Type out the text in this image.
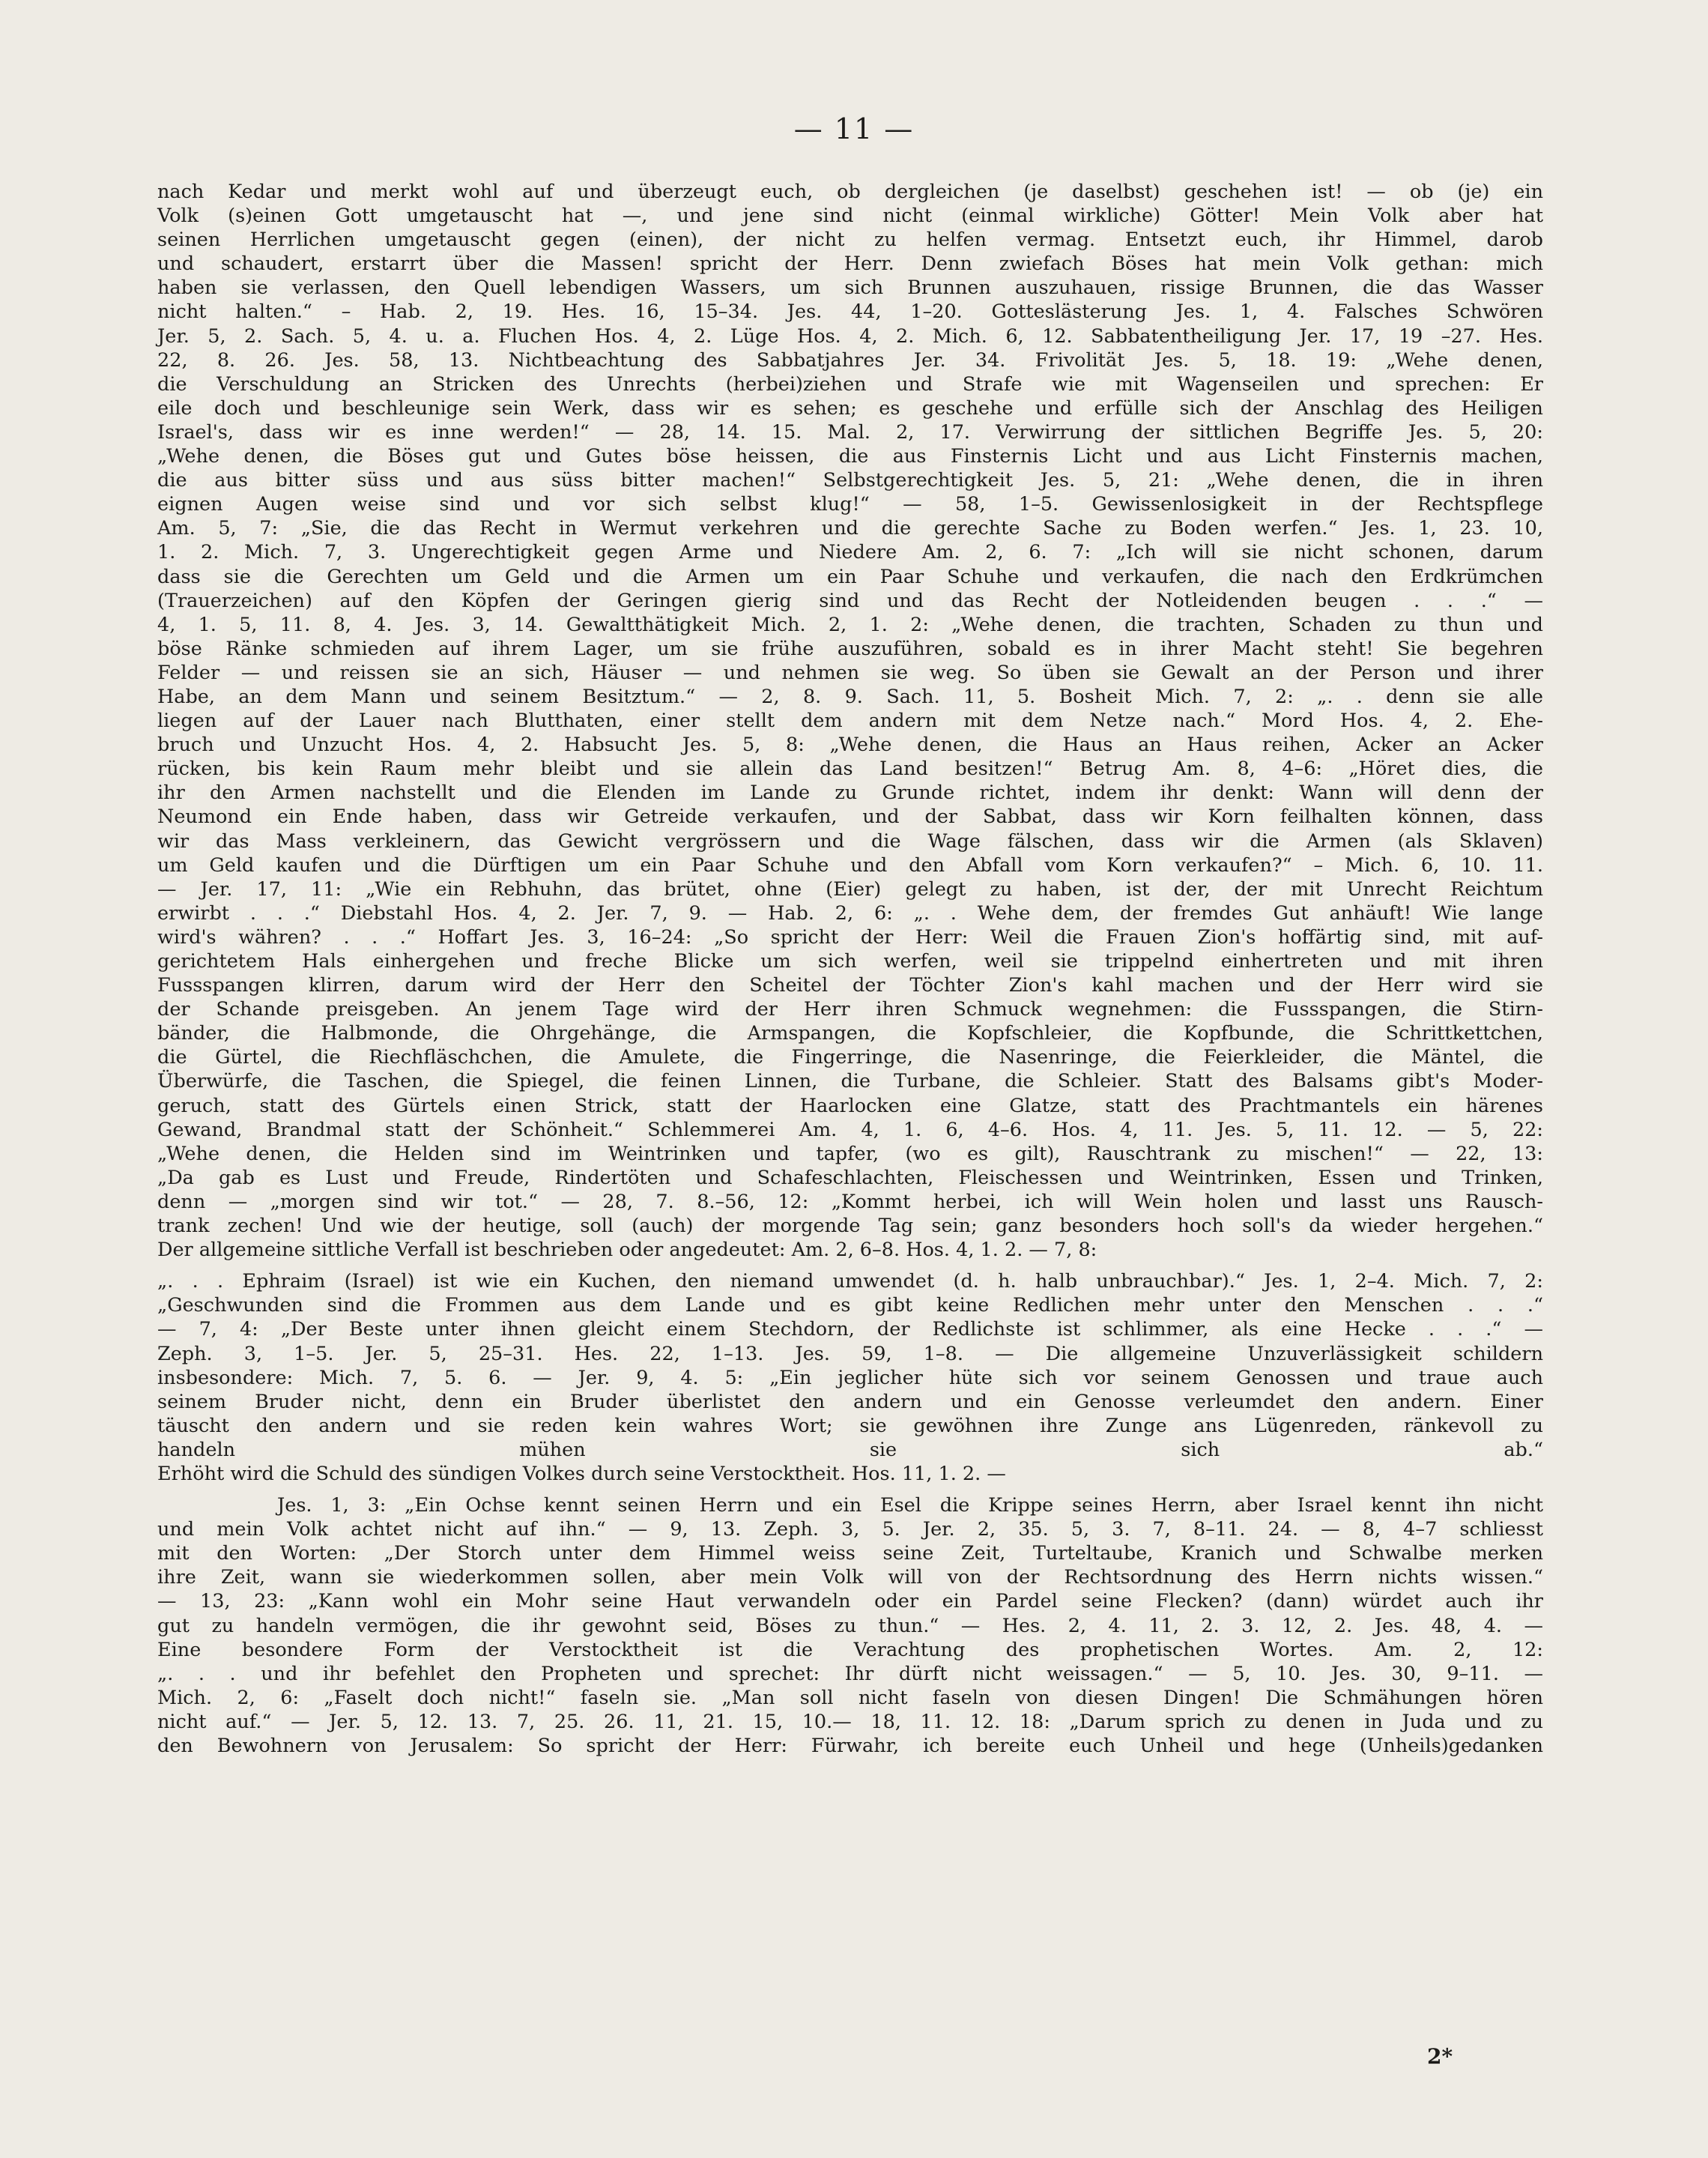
— 11 —
nach Kedar und merkt wohl auf und überzeugt euch, ob dergleichen (je daselbst) geschehen ist! — ob (je) ein
Volk (s)einen Gott umgetauscht hat —, und jene sind nicht (einmal wirkliche) Götter! Mein Volk aber hat
seinen Herrlichen umgetauscht gegen (einen), der nicht zu helfen vermag. Entsetzt euch, ihr Himmel, darob
und schaudert, erstarrt über die Massen! spricht der Herr. Denn zwiefach Böses hat mein Volk gethan: mich
haben sie verlassen, den Quell lebendigen Wassers, um sich Brunnen auszuhauen, rissige Brunnen, die das Wasser
nicht halten.“ – Hab. 2, 19. Hes. 16, 15–34. Jes. 44, 1–20. Gotteslästerung Jes. 1, 4. Falsches Schwören
Jer. 5, 2. Sach. 5, 4. u. a. Fluchen Hos. 4, 2. Lüge Hos. 4, 2. Mich. 6, 12. Sabbatentheiligung Jer. 17, 19 –27. Hes.
22, 8. 26. Jes. 58, 13. Nichtbeachtung des Sabbatjahres Jer. 34. Frivolität Jes. 5, 18. 19: „Wehe denen,
die Verschuldung an Stricken des Unrechts (herbei)ziehen und Strafe wie mit Wagenseilen und sprechen: Er
eile doch und beschleunige sein Werk, dass wir es sehen; es geschehe und erfülle sich der Anschlag des Heiligen
Israel's, dass wir es inne werden!“ — 28, 14. 15. Mal. 2, 17. Verwirrung der sittlichen Begriffe Jes. 5, 20:
„Wehe denen, die Böses gut und Gutes böse heissen, die aus Finsternis Licht und aus Licht Finsternis machen,
die aus bitter süss und aus süss bitter machen!“ Selbstgerechtigkeit Jes. 5, 21: „Wehe denen, die in ihren
eignen Augen weise sind und vor sich selbst klug!“ — 58, 1–5. Gewissenlosigkeit in der Rechtspflege
Am. 5, 7: „Sie, die das Recht in Wermut verkehren und die gerechte Sache zu Boden werfen.“ Jes. 1, 23. 10,
1. 2. Mich. 7, 3. Ungerechtigkeit gegen Arme und Niedere Am. 2, 6. 7: „Ich will sie nicht schonen, darum
dass sie die Gerechten um Geld und die Armen um ein Paar Schuhe und verkaufen, die nach den Erdkrümchen
(Trauerzeichen) auf den Köpfen der Geringen gierig sind und das Recht der Notleidenden beugen . . .“ —
4, 1. 5, 11. 8, 4. Jes. 3, 14. Gewaltthätigkeit Mich. 2, 1. 2: „Wehe denen, die trachten, Schaden zu thun und
böse Ränke schmieden auf ihrem Lager, um sie frühe auszuführen, sobald es in ihrer Macht steht! Sie begehren
Felder — und reissen sie an sich, Häuser — und nehmen sie weg. So üben sie Gewalt an der Person und ihrer
Habe, an dem Mann und seinem Besitztum.“ — 2, 8. 9. Sach. 11, 5. Bosheit Mich. 7, 2: „. . denn sie alle
liegen auf der Lauer nach Blutthaten, einer stellt dem andern mit dem Netze nach.“ Mord Hos. 4, 2. Ehe-
bruch und Unzucht Hos. 4, 2. Habsucht Jes. 5, 8: „Wehe denen, die Haus an Haus reihen, Acker an Acker
rücken, bis kein Raum mehr bleibt und sie allein das Land besitzen!“ Betrug Am. 8, 4–6: „Höret dies, die
ihr den Armen nachstellt und die Elenden im Lande zu Grunde richtet, indem ihr denkt: Wann will denn der
Neumond ein Ende haben, dass wir Getreide verkaufen, und der Sabbat, dass wir Korn feilhalten können, dass
wir das Mass verkleinern, das Gewicht vergrössern und die Wage fälschen, dass wir die Armen (als Sklaven)
um Geld kaufen und die Dürftigen um ein Paar Schuhe und den Abfall vom Korn verkaufen?“ – Mich. 6, 10. 11.
— Jer. 17, 11: „Wie ein Rebhuhn, das brütet, ohne (Eier) gelegt zu haben, ist der, der mit Unrecht Reichtum
erwirbt . . .“ Diebstahl Hos. 4, 2. Jer. 7, 9. — Hab. 2, 6: „. . Wehe dem, der fremdes Gut anhäuft! Wie lange
wird's währen? . . .“ Hoffart Jes. 3, 16–24: „So spricht der Herr: Weil die Frauen Zion's hoffärtig sind, mit auf-
gerichtetem Hals einhergehen und freche Blicke um sich werfen, weil sie trippelnd einhertreten und mit ihren
Fussspangen klirren, darum wird der Herr den Scheitel der Töchter Zion's kahl machen und der Herr wird sie
der Schande preisgeben. An jenem Tage wird der Herr ihren Schmuck wegnehmen: die Fussspangen, die Stirn-
bänder, die Halbmonde, die Ohrgehänge, die Armspangen, die Kopfschleier, die Kopfbunde, die Schrittkettchen,
die Gürtel, die Riechfläschchen, die Amulete, die Fingerringe, die Nasenringe, die Feierkleider, die Mäntel, die
Überwürfe, die Taschen, die Spiegel, die feinen Linnen, die Turbane, die Schleier. Statt des Balsams gibt's Moder-
geruch, statt des Gürtels einen Strick, statt der Haarlocken eine Glatze, statt des Prachtmantels ein härenes
Gewand, Brandmal statt der Schönheit.“ Schlemmerei Am. 4, 1. 6, 4–6. Hos. 4, 11. Jes. 5, 11. 12. — 5, 22:
„Wehe denen, die Helden sind im Weintrinken und tapfer, (wo es gilt), Rauschtrank zu mischen!“ — 22, 13:
„Da gab es Lust und Freude, Rindertöten und Schafeschlachten, Fleischessen und Weintrinken, Essen und Trinken,
denn — „morgen sind wir tot.“ — 28, 7. 8.–56, 12: „Kommt herbei, ich will Wein holen und lasst uns Rausch-
trank zechen! Und wie der heutige, soll (auch) der morgende Tag sein; ganz besonders hoch soll's da wieder hergehen.“
Der allgemeine sittliche Verfall ist beschrieben oder angedeutet: Am. 2, 6–8. Hos. 4, 1. 2. — 7, 8:
„. . . Ephraim (Israel) ist wie ein Kuchen, den niemand umwendet (d. h. halb unbrauchbar).“ Jes. 1, 2–4. Mich. 7, 2:
„Geschwunden sind die Frommen aus dem Lande und es gibt keine Redlichen mehr unter den Menschen . . .“
— 7, 4: „Der Beste unter ihnen gleicht einem Stechdorn, der Redlichste ist schlimmer, als eine Hecke . . .“ —
Zeph. 3, 1–5. Jer. 5, 25–31. Hes. 22, 1–13. Jes. 59, 1–8. — Die allgemeine Unzuverlässigkeit schildern
insbesondere: Mich. 7, 5. 6. — Jer. 9, 4. 5: „Ein jeglicher hüte sich vor seinem Genossen und traue auch
seinem Bruder nicht, denn ein Bruder überlistet den andern und ein Genosse verleumdet den andern. Einer
täuscht den andern und sie reden kein wahres Wort; sie gewöhnen ihre Zunge ans Lügenreden, ränkevoll zu
handeln mühen sie sich ab.“
Erhöht wird die Schuld des sündigen Volkes durch seine Verstocktheit. Hos. 11, 1. 2. —
Jes. 1, 3: „Ein Ochse kennt seinen Herrn und ein Esel die Krippe seines Herrn, aber Israel kennt ihn nicht
und mein Volk achtet nicht auf ihn.“ — 9, 13. Zeph. 3, 5. Jer. 2, 35. 5, 3. 7, 8–11. 24. — 8, 4–7 schliesst
mit den Worten: „Der Storch unter dem Himmel weiss seine Zeit, Turteltaube, Kranich und Schwalbe merken
ihre Zeit, wann sie wiederkommen sollen, aber mein Volk will von der Rechtsordnung des Herrn nichts wissen.“
— 13, 23: „Kann wohl ein Mohr seine Haut verwandeln oder ein Pardel seine Flecken? (dann) würdet auch ihr
gut zu handeln vermögen, die ihr gewohnt seid, Böses zu thun.“ — Hes. 2, 4. 11, 2. 3. 12, 2. Jes. 48, 4. —
Eine besondere Form der Verstocktheit ist die Verachtung des prophetischen Wortes. Am. 2, 12:
„. . . und ihr befehlet den Propheten und sprechet: Ihr dürft nicht weissagen.“ — 5, 10. Jes. 30, 9–11. —
Mich. 2, 6: „Faselt doch nicht!“ faseln sie. „Man soll nicht faseln von diesen Dingen! Die Schmähungen hören
nicht auf.“ — Jer. 5, 12. 13. 7, 25. 26. 11, 21. 15, 10.— 18, 11. 12. 18: „Darum sprich zu denen in Juda und zu
den Bewohnern von Jerusalem: So spricht der Herr: Fürwahr, ich bereite euch Unheil und hege (Unheils)gedanken
2*
